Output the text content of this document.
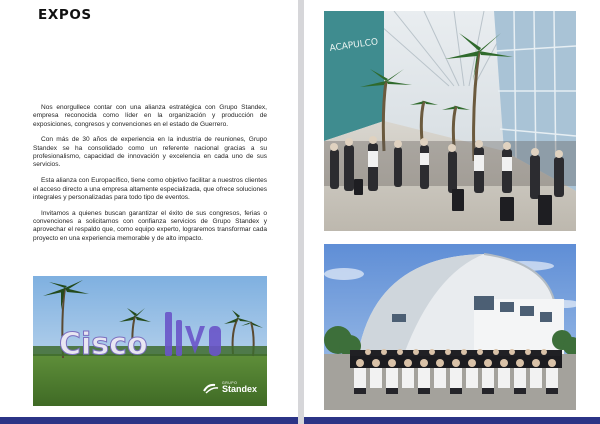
EXPOS

Nos enorgullece contar con una alianza estratégica con Grupo Standex, empresa reconocida como líder en la organización y producción de exposiciones, congresos y convenciones en el estado de Guerrero.

Con más de 30 años de experiencia en la industria de reuniones, Grupo Standex se ha consolidado como un referente nacional gracias a su profesionalismo, capacidad de innovación y excelencia en cada uno de sus servicios.

Esta alianza con Europacífico, tiene como objetivo facilitar a nuestros clientes el acceso directo a una empresa altamente especializada, que ofrece soluciones integrales y personalizadas para todo tipo de eventos.

Invitamos a quienes buscan garantizar el éxito de sus congresos, ferias o convenciones a solicitarnos con confianza servicios de Grupo Standex y aprovechar el respaldo que, como equipo experto, lograremos transformar cada proyecto en una experiencia memorable y de alto impacto.

Cisco
GRUPO
Standex
ACAPULCO
